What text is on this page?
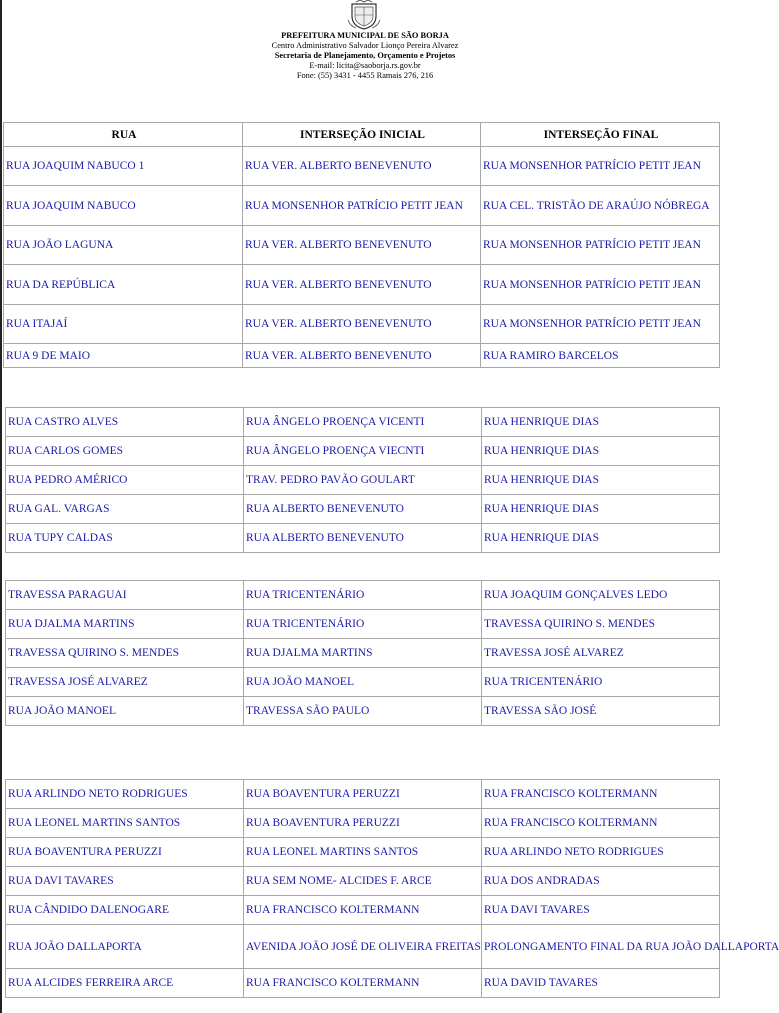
PREFEITURA MUNICIPAL DE SÃO BORJA
Centro Administrativo Salvador Lionço Pereira Alvarez
Secretaria de Planejamento, Orçamento e Projetos
E-mail: licita@saoborja.rs.gov.br
Fone: (55) 3431 - 4455 Ramais 276, 216
RUA	INTERSEÇÃO INICIAL	INTERSEÇÃO FINAL
RUA JOAQUIM NABUCO 1	RUA VER. ALBERTO BENEVENUTO	RUA MONSENHOR PATRÍCIO PETIT JEAN
RUA JOAQUIM NABUCO	RUA MONSENHOR PATRÍCIO PETIT JEAN	RUA CEL. TRISTÃO DE ARAÚJO NÓBREGA
RUA JOÃO LAGUNA	RUA VER. ALBERTO BENEVENUTO	RUA MONSENHOR PATRÍCIO PETIT JEAN
RUA DA REPÚBLICA	RUA VER. ALBERTO BENEVENUTO	RUA MONSENHOR PATRÍCIO PETIT JEAN
RUA ITAJAÍ	RUA VER. ALBERTO BENEVENUTO	RUA MONSENHOR PATRÍCIO PETIT JEAN
RUA 9 DE MAIO	RUA VER. ALBERTO BENEVENUTO	RUA RAMIRO BARCELOS
RUA CASTRO ALVES	RUA ÂNGELO PROENÇA VICENTI	RUA HENRIQUE DIAS
RUA CARLOS GOMES	RUA ÂNGELO PROENÇA VIECNTI	RUA HENRIQUE DIAS
RUA PEDRO AMÉRICO	TRAV. PEDRO PAVÃO GOULART	RUA HENRIQUE DIAS
RUA GAL. VARGAS	RUA ALBERTO BENEVENUTO	RUA HENRIQUE DIAS
RUA TUPY CALDAS	RUA ALBERTO BENEVENUTO	RUA HENRIQUE DIAS
TRAVESSA PARAGUAI	RUA TRICENTENÁRIO	RUA JOAQUIM GONÇALVES LEDO
RUA DJALMA MARTINS	RUA TRICENTENÁRIO	TRAVESSA QUIRINO S. MENDES
TRAVESSA QUIRINO S. MENDES	RUA DJALMA MARTINS	TRAVESSA JOSÉ ALVAREZ
TRAVESSA JOSÉ ALVAREZ	RUA JOÃO MANOEL	RUA TRICENTENÁRIO
RUA JOÃO MANOEL	TRAVESSA SÃO PAULO	TRAVESSA SÃO JOSÉ
RUA ARLINDO NETO RODRIGUES	RUA BOAVENTURA PERUZZI	RUA FRANCISCO KOLTERMANN
RUA LEONEL MARTINS SANTOS	RUA BOAVENTURA PERUZZI	RUA FRANCISCO KOLTERMANN
RUA BOAVENTURA PERUZZI	RUA LEONEL MARTINS SANTOS	RUA ARLINDO NETO RODRIGUES
RUA DAVI TAVARES	RUA SEM NOME- ALCIDES F. ARCE	RUA DOS ANDRADAS
RUA CÂNDIDO DALENOGARE	RUA FRANCISCO KOLTERMANN	RUA DAVI TAVARES
RUA JOÃO DALLAPORTA	AVENIDA JOÃO JOSÉ DE OLIVEIRA FREITAS	PROLONGAMENTO FINAL DA RUA JOÃO DALLAPORTA
RUA ALCIDES FERREIRA ARCE	RUA FRANCISCO KOLTERMANN	RUA DAVID TAVARES
